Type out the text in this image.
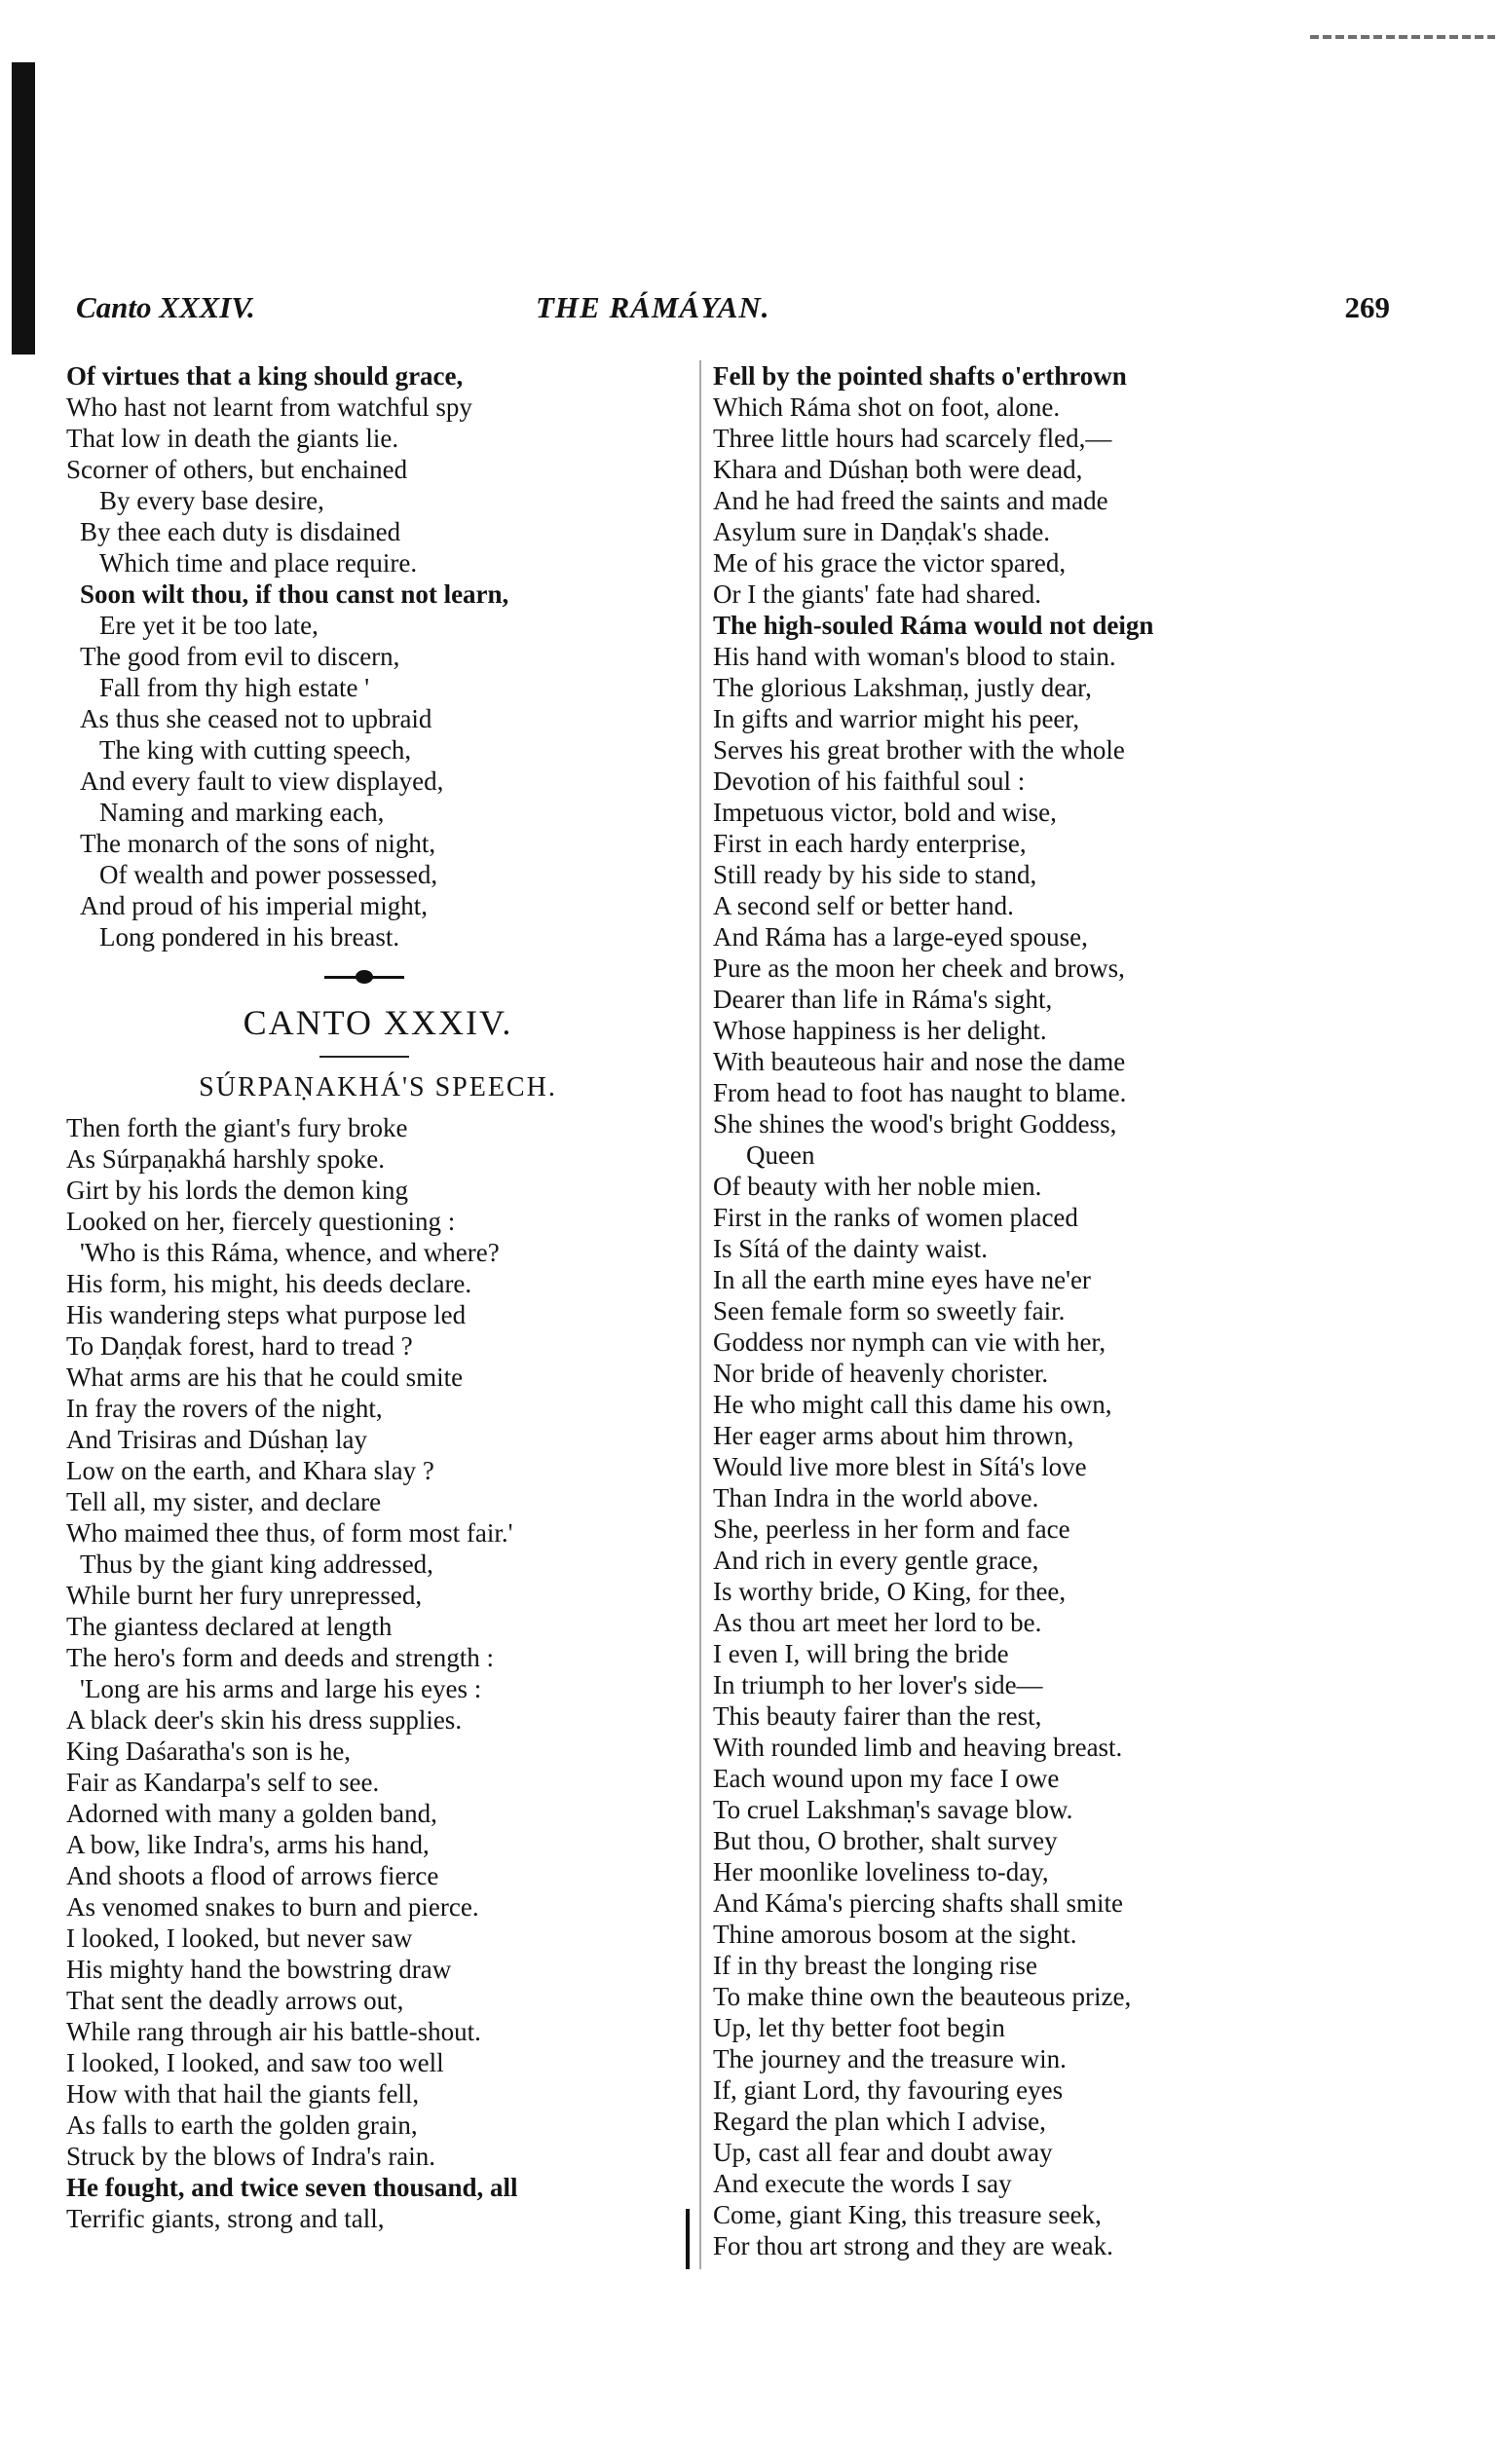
Canto XXXIV.	THE RÁMÁYAN.	269
Of virtues that a king should grace,
Who hast not learnt from watchful spy
That low in death the giants lie.
Scorner of others, but enchained
By every base desire,
By thee each duty is disdained
Which time and place require.
Soon wilt thou, if thou canst not learn,
Ere yet it be too late,
The good from evil to discern,
Fall from thy high estate '
As thus she ceased not to upbraid
The king with cutting speech,
And every fault to view displayed,
Naming and marking each,
The monarch of the sons of night,
Of wealth and power possessed,
And proud of his imperial might,
Long pondered in his breast.
CANTO XXXIV.
SÚRPAṆAKHÁ'S SPEECH.
Then forth the giant's fury broke
As Súrpaṇakhá harshly spoke.
Girt by his lords the demon king
Looked on her, fiercely questioning :
'Who is this Ráma, whence, and where?
His form, his might, his deeds declare.
His wandering steps what purpose led
To Daṇḍak forest, hard to tread ?
What arms are his that he could smite
In fray the rovers of the night,
And Trisiras and Dúshaṇ lay
Low on the earth, and Khara slay ?
Tell all, my sister, and declare
Who maimed thee thus, of form most fair.'
Thus by the giant king addressed,
While burnt her fury unrepressed,
The giantess declared at length
The hero's form and deeds and strength :
'Long are his arms and large his eyes :
A black deer's skin his dress supplies.
King Daśaratha's son is he,
Fair as Kandarpa's self to see.
Adorned with many a golden band,
A bow, like Indra's, arms his hand,
And shoots a flood of arrows fierce
As venomed snakes to burn and pierce.
I looked, I looked, but never saw
His mighty hand the bowstring draw
That sent the deadly arrows out,
While rang through air his battle-shout.
I looked, I looked, and saw too well
How with that hail the giants fell,
As falls to earth the golden grain,
Struck by the blows of Indra's rain.
He fought, and twice seven thousand, all
Terrific giants, strong and tall,
Fell by the pointed shafts o'erthrown
Which Ráma shot on foot, alone.
Three little hours had scarcely fled,—
Khara and Dúshaṇ both were dead,
And he had freed the saints and made
Asylum sure in Daṇḍak's shade.
Me of his grace the victor spared,
Or I the giants' fate had shared.
The high-souled Ráma would not deign
His hand with woman's blood to stain.
The glorious Lakshmaṇ, justly dear,
In gifts and warrior might his peer,
Serves his great brother with the whole
Devotion of his faithful soul :
Impetuous victor, bold and wise,
First in each hardy enterprise,
Still ready by his side to stand,
A second self or better hand.
And Ráma has a large-eyed spouse,
Pure as the moon her cheek and brows,
Dearer than life in Ráma's sight,
Whose happiness is her delight.
With beauteous hair and nose the dame
From head to foot has naught to blame.
She shines the wood's bright Goddess,
Queen
Of beauty with her noble mien.
First in the ranks of women placed
Is Sítá of the dainty waist.
In all the earth mine eyes have ne'er
Seen female form so sweetly fair.
Goddess nor nymph can vie with her,
Nor bride of heavenly chorister.
He who might call this dame his own,
Her eager arms about him thrown,
Would live more blest in Sítá's love
Than Indra in the world above.
She, peerless in her form and face
And rich in every gentle grace,
Is worthy bride, O King, for thee,
As thou art meet her lord to be.
I even I, will bring the bride
In triumph to her lover's side—
This beauty fairer than the rest,
With rounded limb and heaving breast.
Each wound upon my face I owe
To cruel Lakshmaṇ's savage blow.
But thou, O brother, shalt survey
Her moonlike loveliness to-day,
And Káma's piercing shafts shall smite
Thine amorous bosom at the sight.
If in thy breast the longing rise
To make thine own the beauteous prize,
Up, let thy better foot begin
The journey and the treasure win.
If, giant Lord, thy favouring eyes
Regard the plan which I advise,
Up, cast all fear and doubt away
And execute the words I say
Come, giant King, this treasure seek,
For thou art strong and they are weak.
